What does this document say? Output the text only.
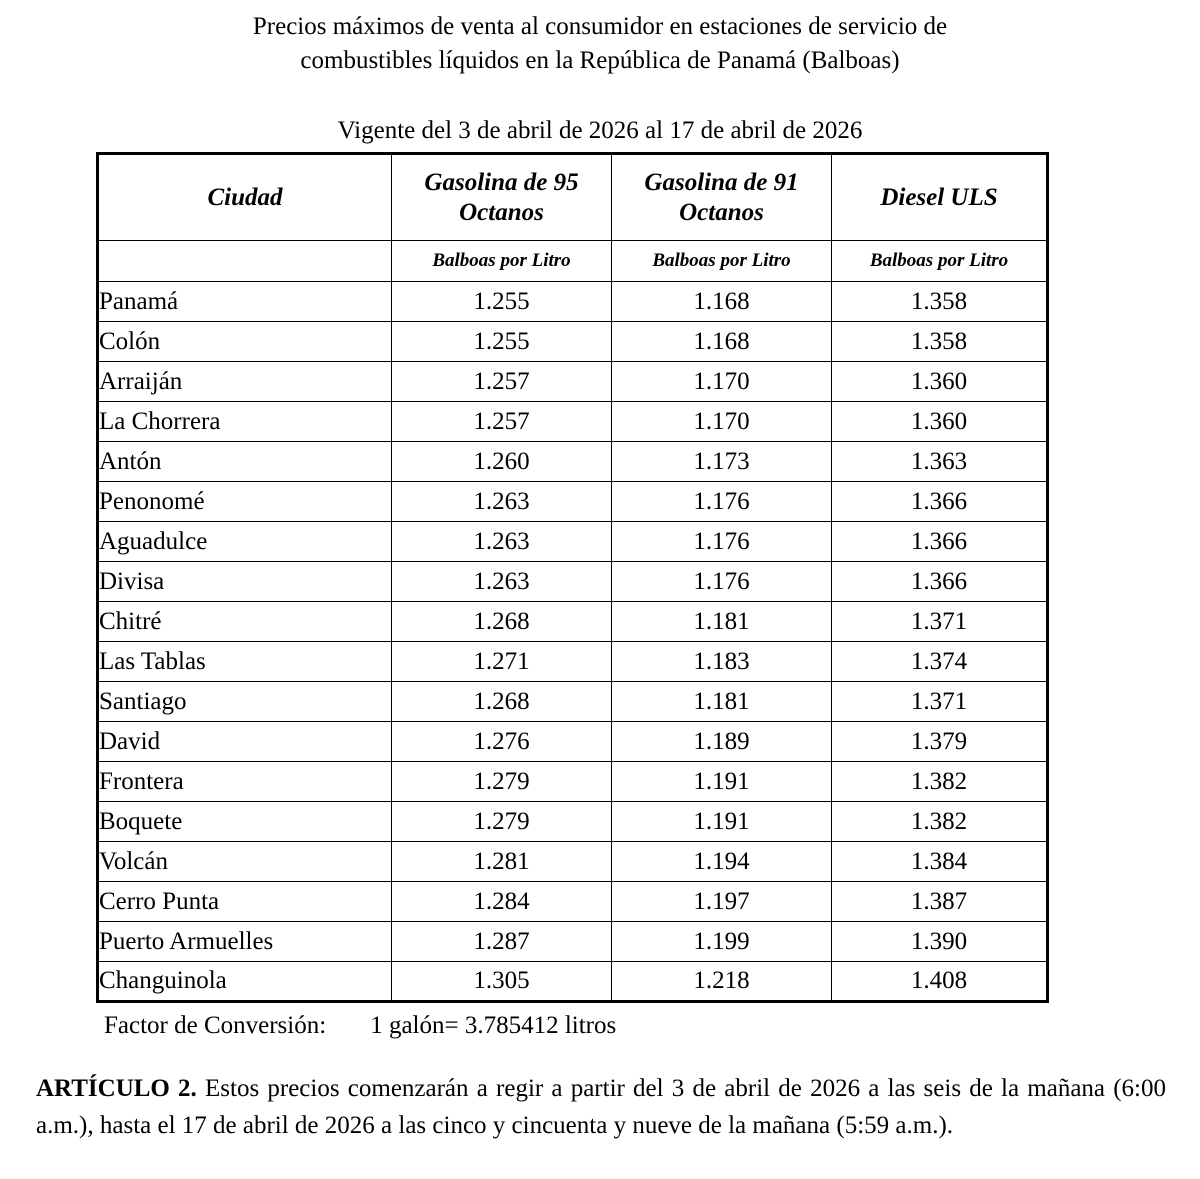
Precios máximos de venta al consumidor en estaciones de servicio de
combustibles líquidos en la República de Panamá (Balboas)
Vigente del 3 de abril de 2026 al 17 de abril de 2026
Ciudad	Gasolina de 95 Octanos	Gasolina de 91 Octanos	Diesel ULS
	Balboas por Litro	Balboas por Litro	Balboas por Litro
Panamá	1.255	1.168	1.358
Colón	1.255	1.168	1.358
Arraiján	1.257	1.170	1.360
La Chorrera	1.257	1.170	1.360
Antón	1.260	1.173	1.363
Penonomé	1.263	1.176	1.366
Aguadulce	1.263	1.176	1.366
Divisa	1.263	1.176	1.366
Chitré	1.268	1.181	1.371
Las Tablas	1.271	1.183	1.374
Santiago	1.268	1.181	1.371
David	1.276	1.189	1.379
Frontera	1.279	1.191	1.382
Boquete	1.279	1.191	1.382
Volcán	1.281	1.194	1.384
Cerro Punta	1.284	1.197	1.387
Puerto Armuelles	1.287	1.199	1.390
Changuinola	1.305	1.218	1.408
Factor de Conversión: 1 galón= 3.785412 litros

ARTÍCULO 2. Estos precios comenzarán a regir a partir del 3 de abril de 2026 a las seis de la mañana (6:00 a.m.), hasta el 17 de abril de 2026 a las cinco y cincuenta y nueve de la mañana (5:59 a.m.).
